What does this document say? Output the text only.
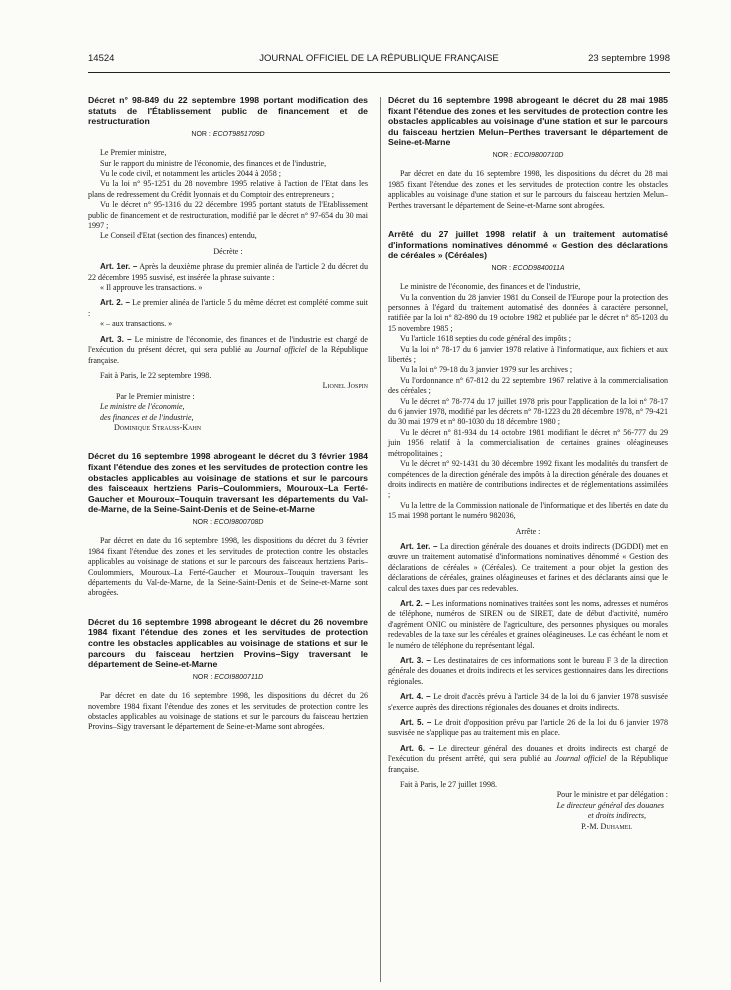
14524	JOURNAL OFFICIEL DE LA RÉPUBLIQUE FRANÇAISE	23 septembre 1998
Décret n° 98-849 du 22 septembre 1998 portant modification des statuts de l'Établissement public de financement et de restructuration
NOR : ECOT9851709D

Le Premier ministre,

Sur le rapport du ministre de l'économie, des finances et de l'industrie,

Vu le code civil, et notamment les articles 2044 à 2058 ;

Vu la loi n° 95-1251 du 28 novembre 1995 relative à l'action de l'Etat dans les plans de redressement du Crédit lyonnais et du Comptoir des entrepreneurs ;

Vu le décret n° 95-1316 du 22 décembre 1995 portant statuts de l'Etablissement public de financement et de restructuration, modifié par le décret n° 97-654 du 30 mai 1997 ;

Le Conseil d'Etat (section des finances) entendu,

Décrète :

Art. 1er. – Après la deuxième phrase du premier alinéa de l'article 2 du décret du 22 décembre 1995 susvisé, est insérée la phrase suivante :

« Il approuve les transactions. »

Art. 2. – Le premier alinéa de l'article 5 du même décret est complété comme suit :

« – aux transactions. »

Art. 3. – Le ministre de l'économie, des finances et de l'industrie est chargé de l'exécution du présent décret, qui sera publié au Journal officiel de la République française.

Fait à Paris, le 22 septembre 1998.

Lionel Jospin

Par le Premier ministre :

Le ministre de l'économie,

des finances et de l'industrie,

Dominique Strauss-Kahn

Décret du 16 septembre 1998 abrogeant le décret du 3 février 1984 fixant l'étendue des zones et les servitudes de protection contre les obstacles applicables au voisinage de stations et sur le parcours des faisceaux hertziens Paris–Coulommiers, Mouroux–La Ferté-Gaucher et Mouroux–Touquin traversant les départements du Val-de-Marne, de la Seine-Saint-Denis et de Seine-et-Marne
NOR : ECOI9800708D

Par décret en date du 16 septembre 1998, les dispositions du décret du 3 février 1984 fixant l'étendue des zones et les servitudes de protection contre les obstacles applicables au voisinage de stations et sur le parcours des faisceaux hertziens Paris–Coulommiers, Mouroux–La Ferté-Gaucher et Mouroux–Touquin traversant les départements du Val-de-Marne, de la Seine-Saint-Denis et de Seine-et-Marne sont abrogées.

Décret du 16 septembre 1998 abrogeant le décret du 26 novembre 1984 fixant l'étendue des zones et les servitudes de protection contre les obstacles applicables au voisinage de stations et sur le parcours du faisceau hertzien Provins–Sigy traversant le département de Seine-et-Marne
NOR : ECOI9800711D

Par décret en date du 16 septembre 1998, les dispositions du décret du 26 novembre 1984 fixant l'étendue des zones et les servitudes de protection contre les obstacles applicables au voisinage de stations et sur le parcours du faisceau hertzien Provins–Sigy traversant le département de Seine-et-Marne sont abrogées.

Décret du 16 septembre 1998 abrogeant le décret du 28 mai 1985 fixant l'étendue des zones et les servitudes de protection contre les obstacles applicables au voisinage d'une station et sur le parcours du faisceau hertzien Melun–Perthes traversant le département de Seine-et-Marne
NOR : ECOI9800710D

Par décret en date du 16 septembre 1998, les dispositions du décret du 28 mai 1985 fixant l'étendue des zones et les servitudes de protection contre les obstacles applicables au voisinage d'une station et sur le parcours du faisceau hertzien Melun–Perthes traversant le département de Seine-et-Marne sont abrogées.

Arrêté du 27 juillet 1998 relatif à un traitement automatisé d'informations nominatives dénommé « Gestion des déclarations de céréales » (Céréales)
NOR : ECOD9840011A

Le ministre de l'économie, des finances et de l'industrie,

Vu la convention du 28 janvier 1981 du Conseil de l'Europe pour la protection des personnes à l'égard du traitement automatisé des données à caractère personnel, ratifiée par la loi n° 82-890 du 19 octobre 1982 et publiée par le décret n° 85-1203 du 15 novembre 1985 ;

Vu l'article 1618 septies du code général des impôts ;

Vu la loi n° 78-17 du 6 janvier 1978 relative à l'informatique, aux fichiers et aux libertés ;

Vu la loi n° 79-18 du 3 janvier 1979 sur les archives ;

Vu l'ordonnance n° 67-812 du 22 septembre 1967 relative à la commercialisation des céréales ;

Vu le décret n° 78-774 du 17 juillet 1978 pris pour l'application de la loi n° 78-17 du 6 janvier 1978, modifié par les décrets n° 78-1223 du 28 décembre 1978, n° 79-421 du 30 mai 1979 et n° 80-1030 du 18 décembre 1980 ;

Vu le décret n° 81-934 du 14 octobre 1981 modifiant le décret n° 56-777 du 29 juin 1956 relatif à la commercialisation de certaines graines oléagineuses métropolitaines ;

Vu le décret n° 92-1431 du 30 décembre 1992 fixant les modalités du transfert de compétences de la direction générale des impôts à la direction générale des douanes et droits indirects en matière de contributions indirectes et de réglementations assimilées ;

Vu la lettre de la Commission nationale de l'informatique et des libertés en date du 15 mai 1998 portant le numéro 982036,

Arrête :

Art. 1er. – La direction générale des douanes et droits indirects (DGDDI) met en œuvre un traitement automatisé d'informations nominatives dénommé « Gestion des déclarations de céréales » (Céréales). Ce traitement a pour objet la gestion des déclarations de céréales, graines oléagineuses et farines et des déclarants ainsi que le calcul des taxes dues par ces redevables.

Art. 2. – Les informations nominatives traitées sont les noms, adresses et numéros de téléphone, numéros de SIREN ou de SIRET, date de début d'activité, numéro d'agrément ONIC ou ministère de l'agriculture, des personnes physiques ou morales redevables de la taxe sur les céréales et graines oléagineuses. Le cas échéant le nom et le numéro de téléphone du représentant légal.

Art. 3. – Les destinataires de ces informations sont le bureau F 3 de la direction générale des douanes et droits indirects et les services gestionnaires dans les directions régionales.

Art. 4. – Le droit d'accès prévu à l'article 34 de la loi du 6 janvier 1978 susvisée s'exerce auprès des directions régionales des douanes et droits indirects.

Art. 5. – Le droit d'opposition prévu par l'article 26 de la loi du 6 janvier 1978 susvisée ne s'applique pas au traitement mis en place.

Art. 6. – Le directeur général des douanes et droits indirects est chargé de l'exécution du présent arrêté, qui sera publié au Journal officiel de la République française.

Fait à Paris, le 27 juillet 1998.

Pour le ministre et par délégation :

Le directeur général des douanes

et droits indirects,

P.-M. Duhamel
